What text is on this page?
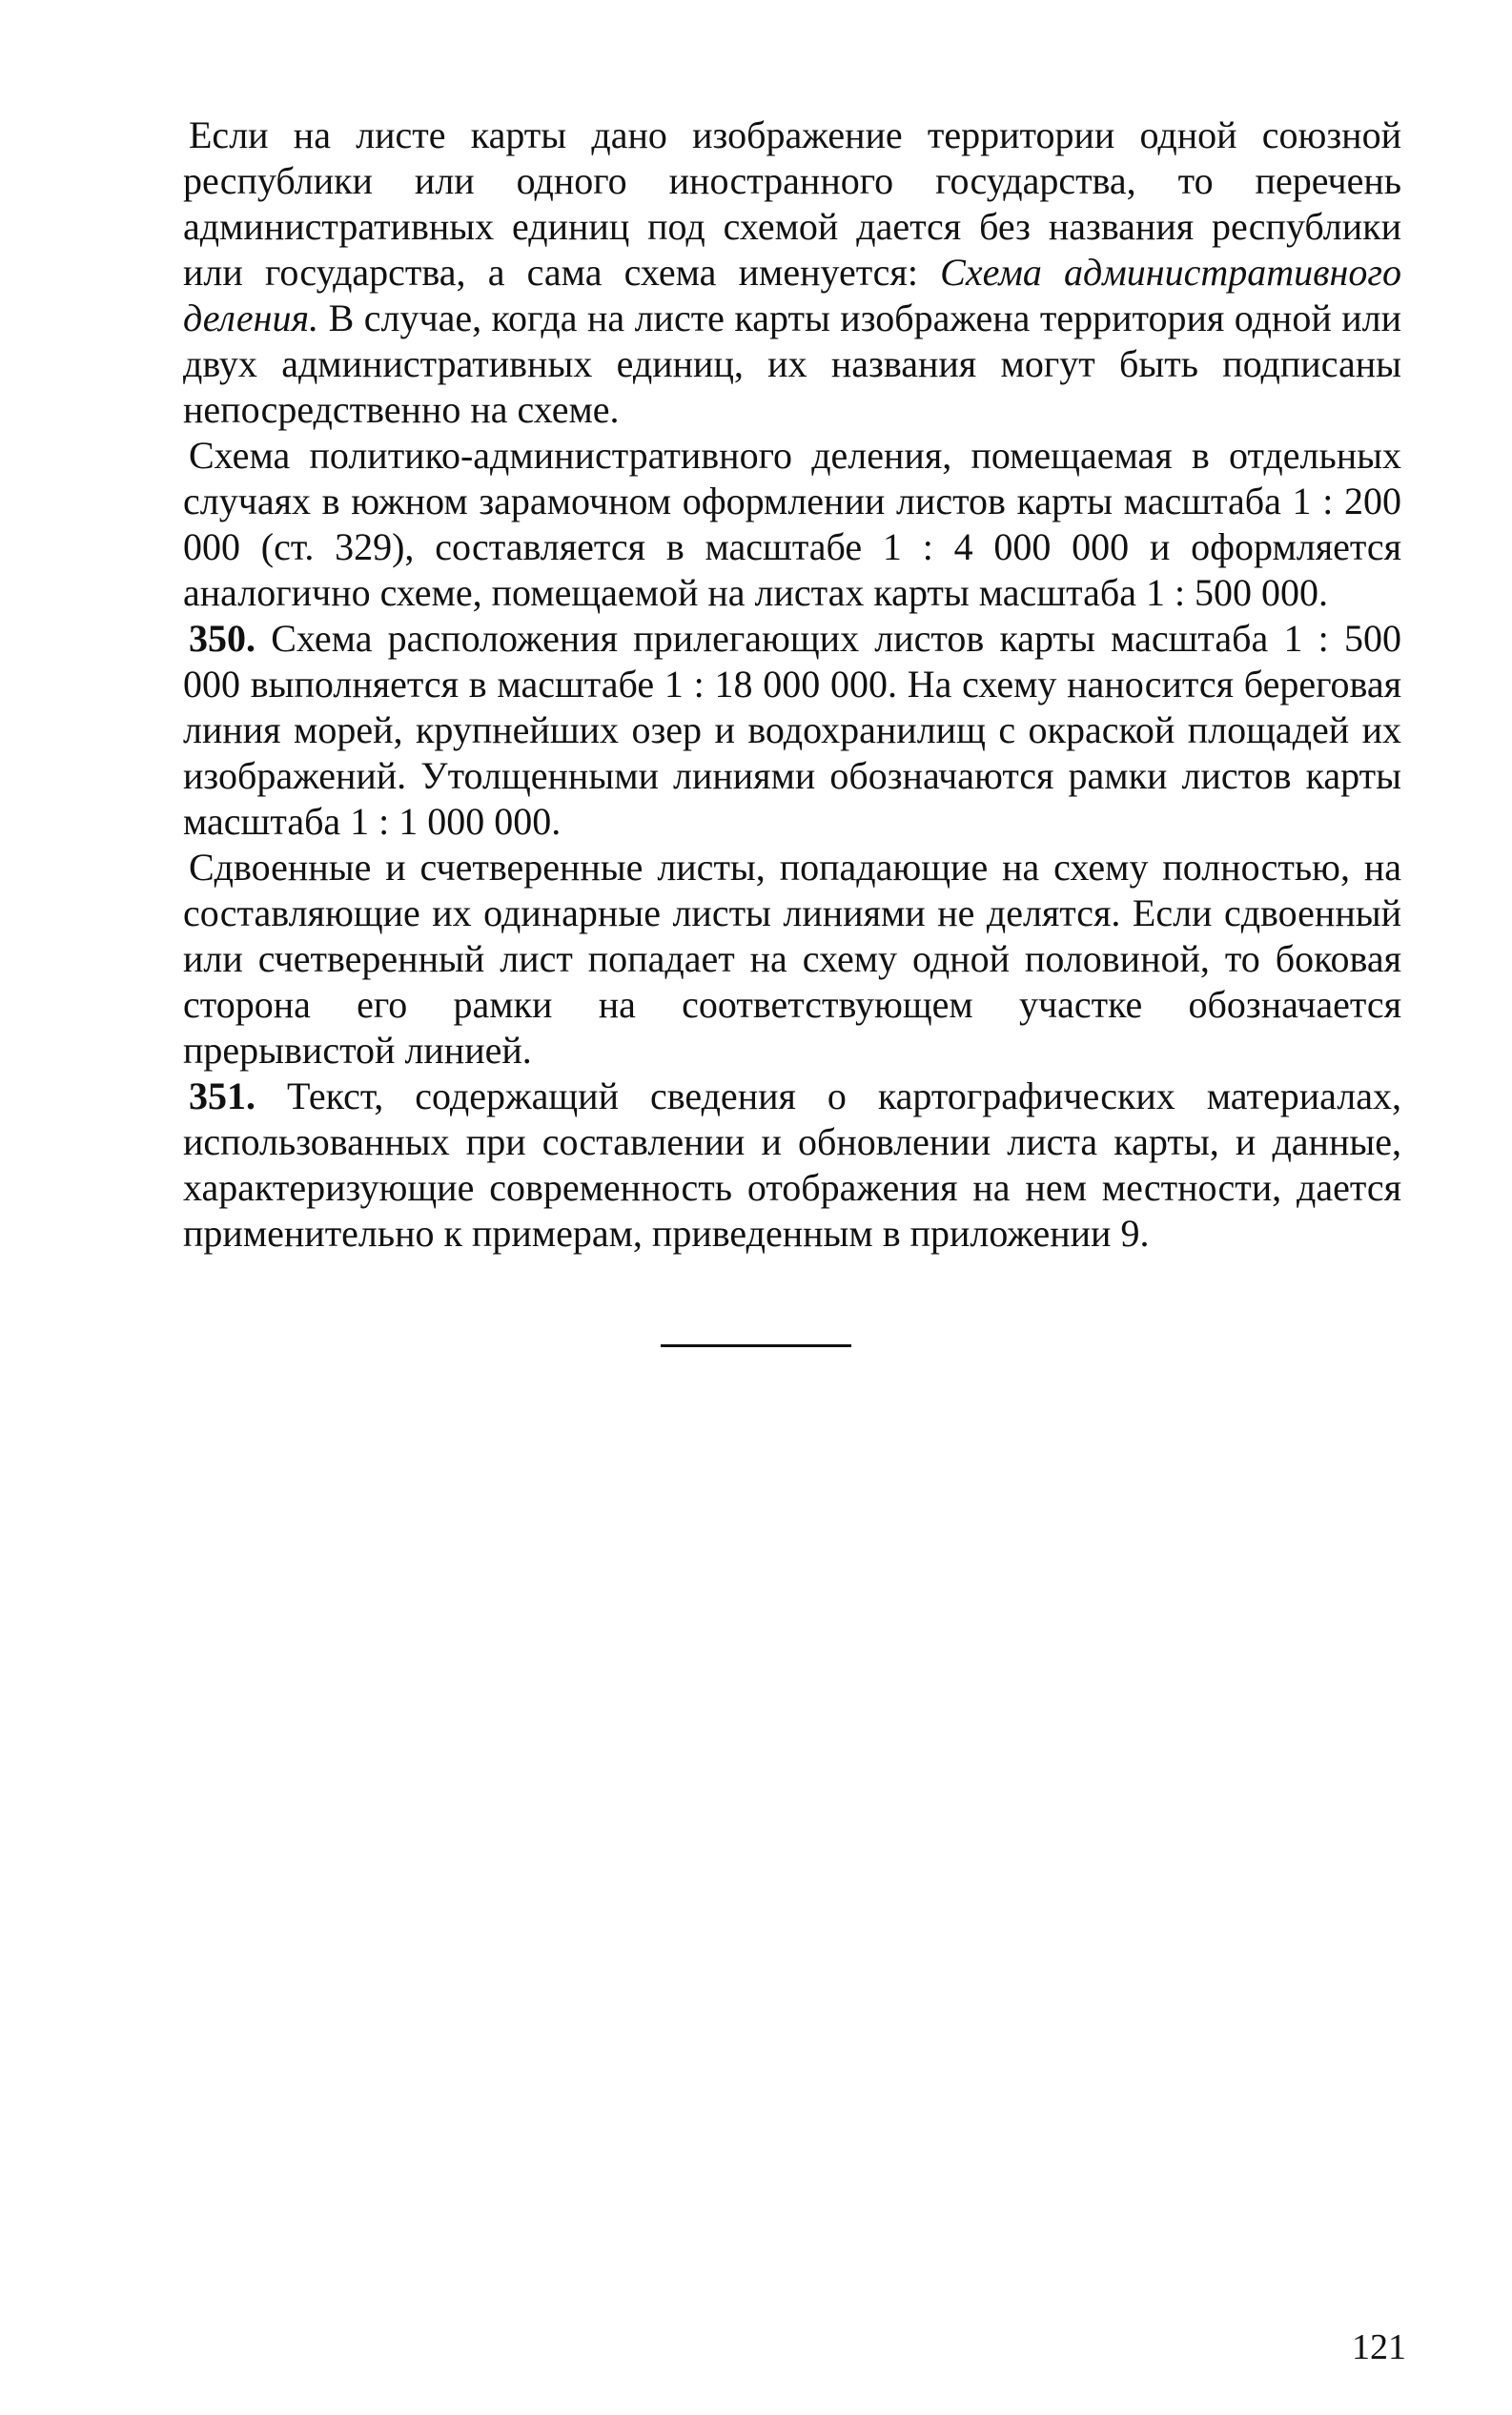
Если на листе карты дано изображение территории одной союзной республики или одного иностранного государства, то перечень административных единиц под схемой дается без названия республики или государства, а сама схема именуется: Схема административного деления. В случае, когда на листе карты изображена территория одной или двух административных единиц, их названия могут быть подписаны непосредственно на схеме.

Схема политико-административного деления, помещаемая в отдельных случаях в южном зарамочном оформлении листов карты масштаба 1 : 200 000 (ст. 329), составляется в масштабе 1 : 4 000 000 и оформляется аналогично схеме, помещаемой на листах карты масштаба 1 : 500 000.

350. Схема расположения прилегающих листов карты масштаба 1 : 500 000 выполняется в масштабе 1 : 18 000 000. На схему наносится береговая линия морей, крупнейших озер и водохранилищ с окраской площадей их изображений. Утолщенными линиями обозначаются рамки листов карты масштаба 1 : 1 000 000.

Сдвоенные и счетверенные листы, попадающие на схему полностью, на составляющие их одинарные листы линиями не делятся. Если сдвоенный или счетверенный лист попадает на схему одной половиной, то боковая сторона его рамки на соответствующем участке обозначается прерывистой линией.

351. Текст, содержащий сведения о картографических материалах, использованных при составлении и обновлении листа карты, и данные, характеризующие современность отображения на нем местности, дается применительно к примерам, приведенным в приложении 9.

121
